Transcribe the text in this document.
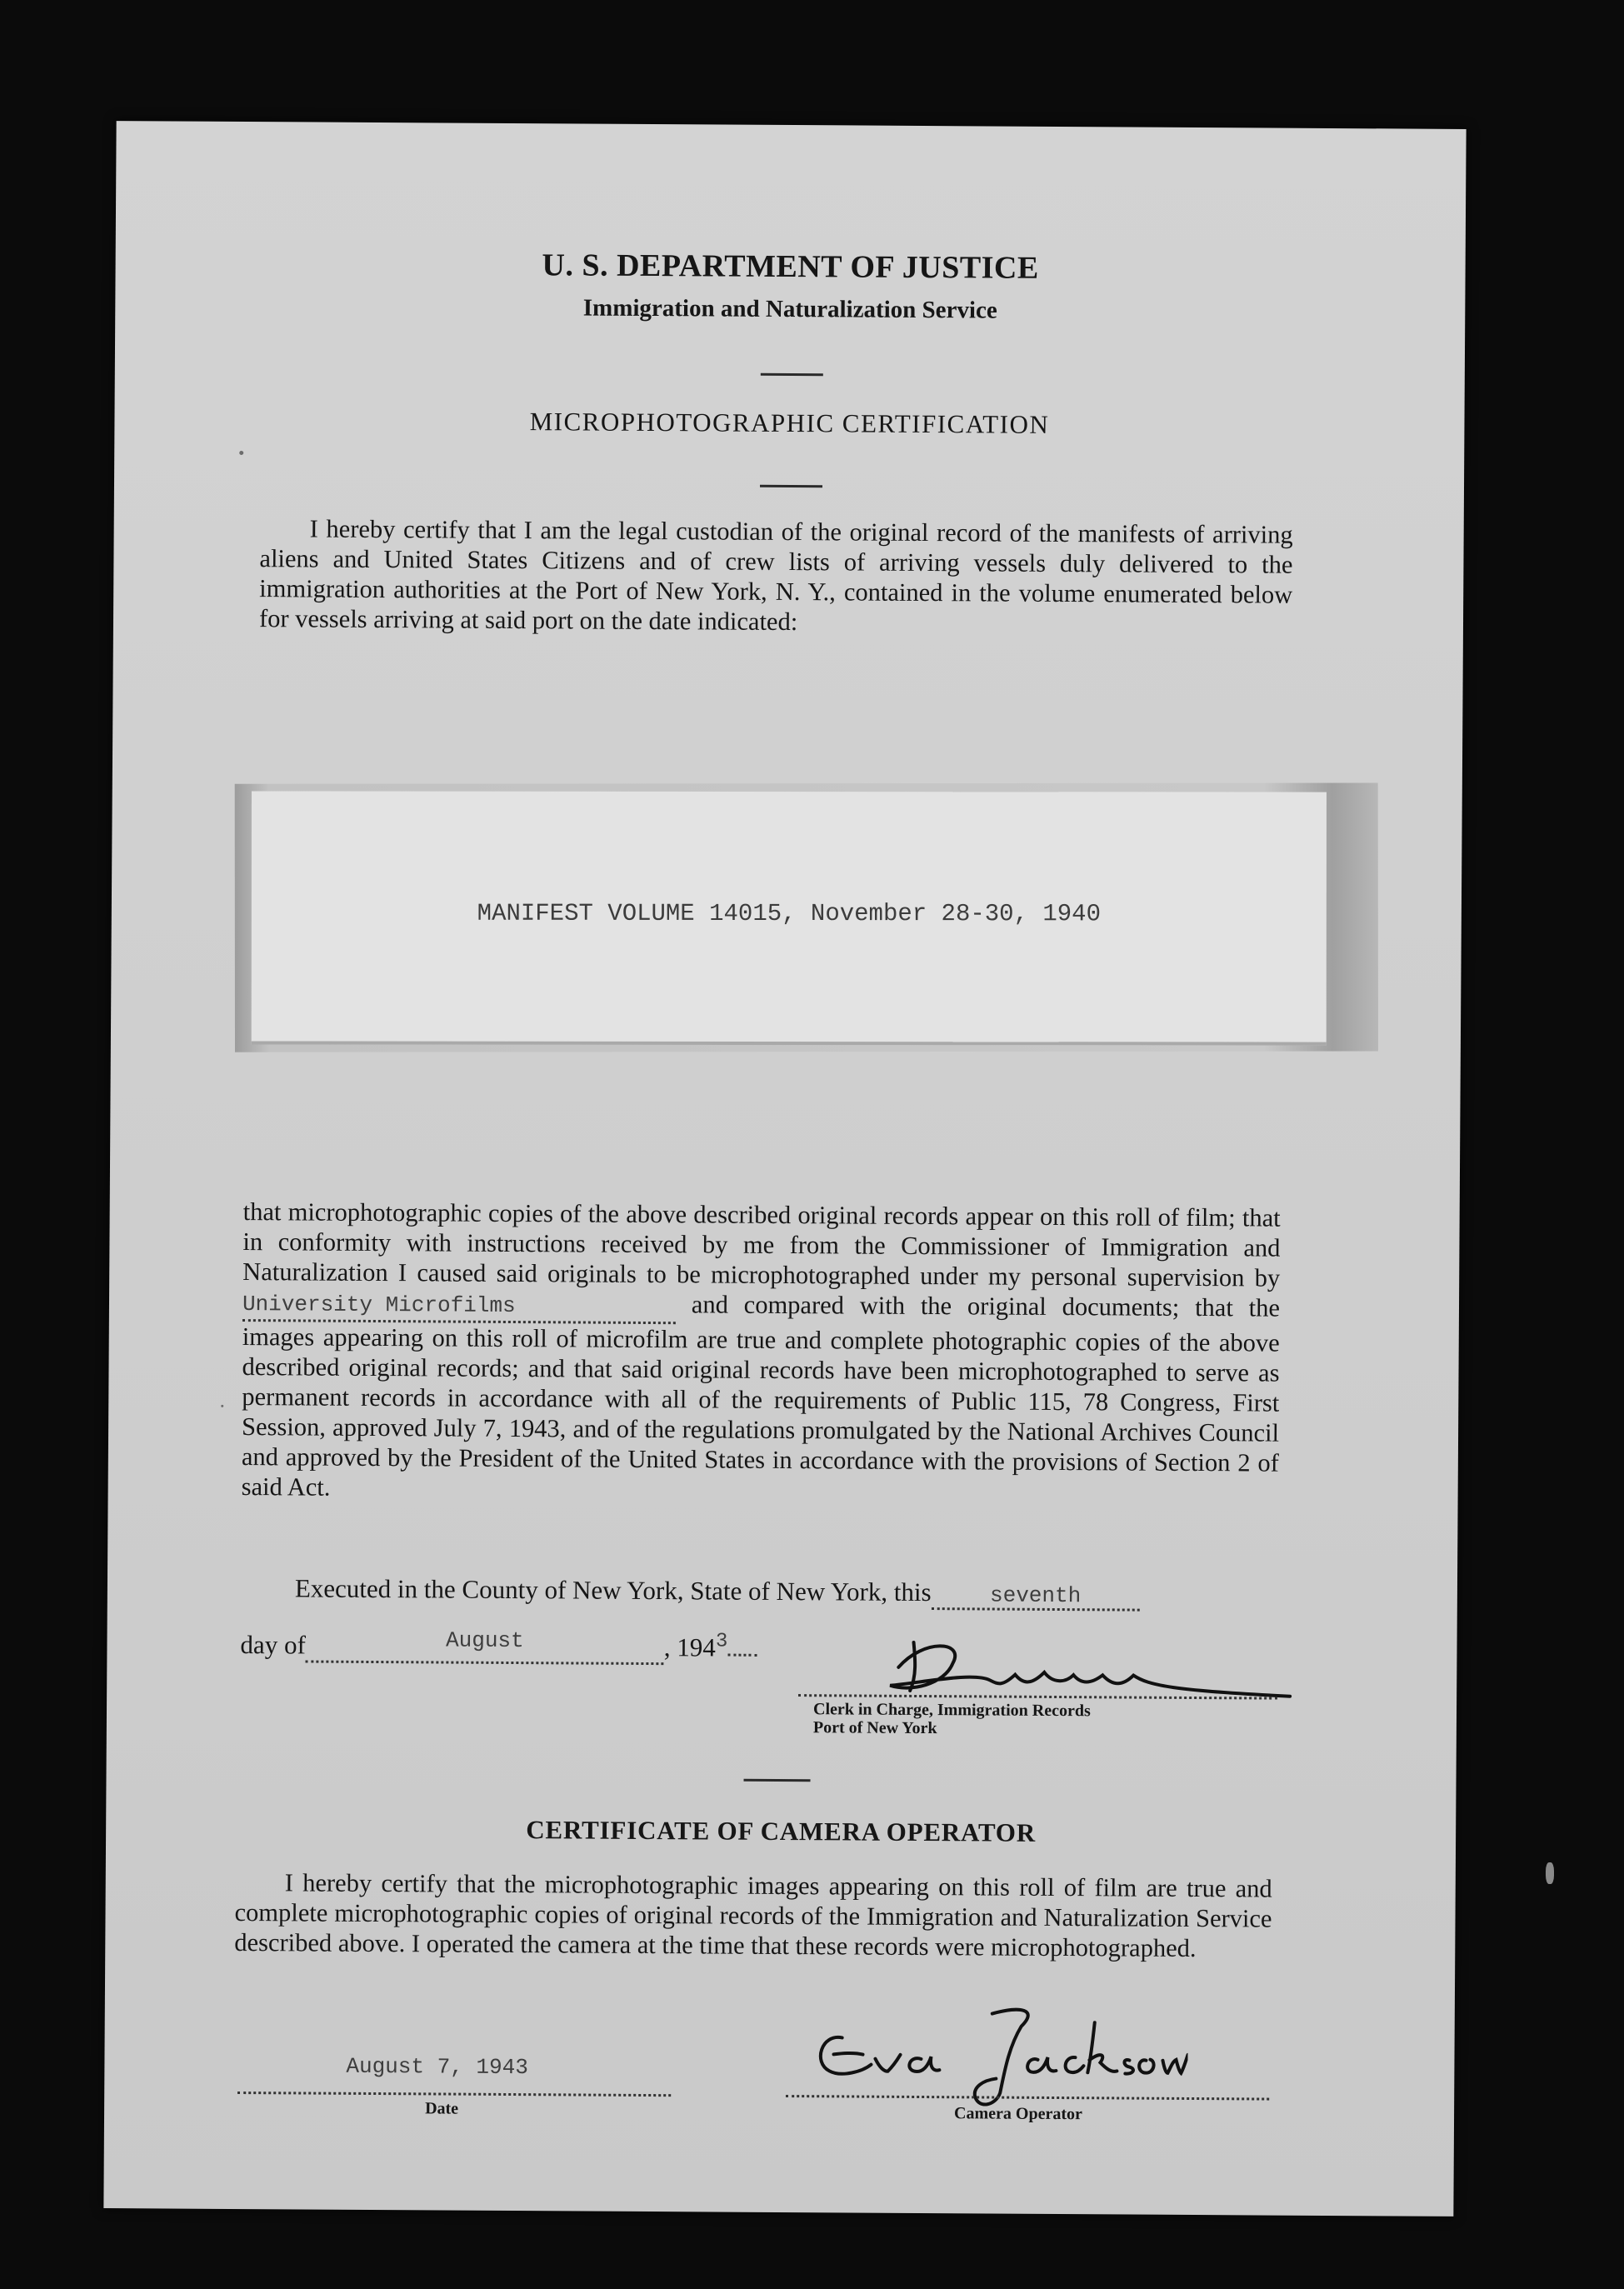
U. S. DEPARTMENT OF JUSTICE
Immigration and Naturalization Service
MICROPHOTOGRAPHIC CERTIFICATION
I hereby certify that I am the legal custodian of the original record of the manifests of arriving aliens and United States Citizens and of crew lists of arriving vessels duly delivered to the immigration authorities at the Port of New York, N. Y., contained in the volume enumerated below for vessels arriving at said port on the date indicated:
MANIFEST VOLUME 14015, November 28-30, 1940
that microphotographic copies of the above described original records appear on this roll of film; that in conformity with instructions received by me from the Commissioner of Immigration and Naturalization I caused said originals to be microphotographed under my personal supervision byUniversity Microfilms	and compared with the original documents; that the images appearing on this roll of microfilm are true and complete photographic copies of the above described original records; and that said original records have been microphotographed to serve as permanent records in accordance with all of the requirements of Public 115, 78 Congress, First Session, approved July 7, 1943, and of the regulations promulgated by the National Archives Council and approved by the President of the United States in accordance with the provisions of Section 2 of said Act.
Executed in the County of New York, State of New York, this	seventh
day of	$^{August}$	, $194^3$
Clerk in Charge, Immigration Records
Port of New York
CERTIFICATE OF CAMERA OPERATOR
I hereby certify that the microphotographic images appearing on this roll of film are true and complete microphotographic copies of original records of the Immigration and Naturalization Service described above. I operated the camera at the time that these records were microphotographed.
August 7, 1943
Date	Camera Operator
